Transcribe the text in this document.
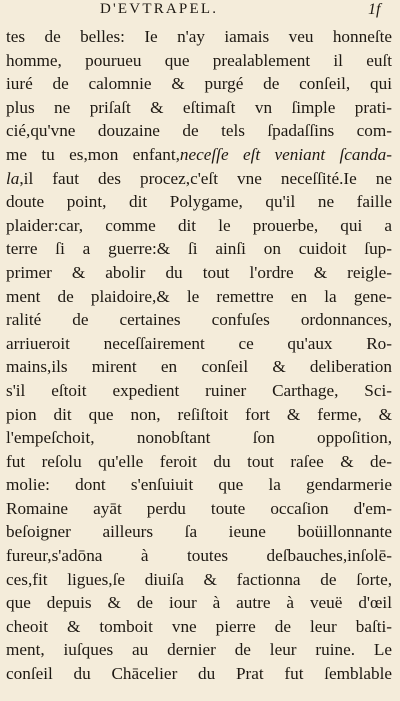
D'EVTRAPEL.	1f
tes de belles: Ie n'ay iamais veu honneſte
homme, pourueu que prealablement il euſt
iuré de calomnie & purgé de conſeil, qui
plus ne priſaſt & eſtimaſt vn ſimple prati-
cié,qu'vne douzaine de tels ſpadaſſins com-
me tu es,mon enfant,neceſſe eſt veniant ſcanda-
la,il faut des procez,c'eſt vne neceſſité.Ie ne
doute point, dit Polygame, qu'il ne faille
plaider:car, comme dit le prouerbe, qui a
terre ſi a guerre:& ſi ainſi on cuidoit ſup-
primer & abolir du tout l'ordre & reigle-
ment de plaidoire,& le remettre en la gene-
ralité de certaines confuſes ordonnances,
arriueroit neceſſairement ce qu'aux Ro-
mains,ils mirent en conſeil & deliberation
s'il eſtoit expedient ruiner Carthage, Sci-
pion dit que non, reſiſtoit fort & ferme, &
l'empeſchoit, nonobſtant ſon oppoſition,
fut reſolu qu'elle feroit du tout raſee & de-
molie: dont s'enſuiuit que la gendarmerie
Romaine ayāt perdu toute occaſion d'em-
beſoigner ailleurs ſa ieune boüillonnante
fureur,s'adōna à toutes deſbauches,inſolē-
ces,fit ligues,ſe diuiſa & factionna de ſorte,
que depuis & de iour à autre à veuë d'œil
cheoit & tomboit vne pierre de leur baſti-
ment, iuſques au dernier de leur ruine. Le
conſeil du Chācelier du Prat fut ſemblable
